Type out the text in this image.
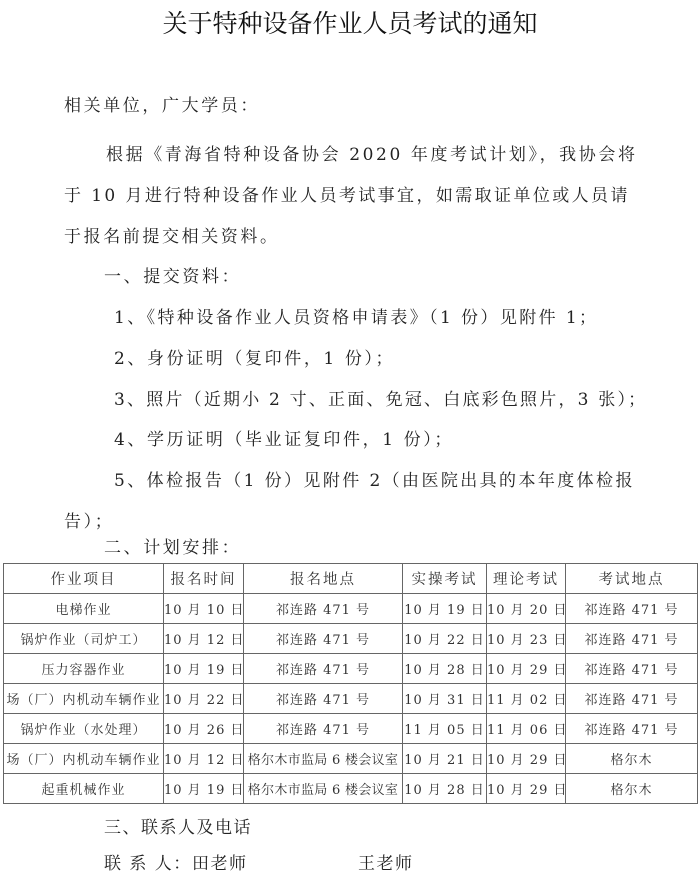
关于特种设备作业人员考试的通知
相关单位，广大学员：
根据《青海省特种设备协会 2020 年度考试计划》，我协会将
于 10 月进行特种设备作业人员考试事宜，如需取证单位或人员请
于报名前提交相关资料。
一、提交资料：
1、《特种设备作业人员资格申请表》（1 份）见附件 1；
2、身份证明（复印件，1 份）；
3、照片（近期小 2 寸、正面、免冠、白底彩色照片，3 张）；
4、学历证明（毕业证复印件，1 份）；
5、体检报告（1 份）见附件 2（由医院出具的本年度体检报
告）；
二、计划安排：
作业项目	报名时间	报名地点	实操考试	理论考试	考试地点
电梯作业	10 月 10 日	祁连路 471 号	10 月 19 日	10 月 20 日	祁连路 471 号
锅炉作业（司炉工）	10 月 12 日	祁连路 471 号	10 月 22 日	10 月 23 日	祁连路 471 号
压力容器作业	10 月 19 日	祁连路 471 号	10 月 28 日	10 月 29 日	祁连路 471 号
场（厂）内机动车辆作业	10 月 22 日	祁连路 471 号	10 月 31 日	11 月 02 日	祁连路 471 号
锅炉作业（水处理）	10 月 26 日	祁连路 471 号	11 月 05 日	11 月 06 日	祁连路 471 号
场（厂）内机动车辆作业	10 月 12 日	格尔木市监局 6 楼会议室	10 月 21 日	10 月 29 日	格尔木
起重机械作业	10 月 19 日	格尔木市监局 6 楼会议室	10 月 28 日	10 月 29 日	格尔木
三、联系人及电话
联 系 人： 田老师	王老师
